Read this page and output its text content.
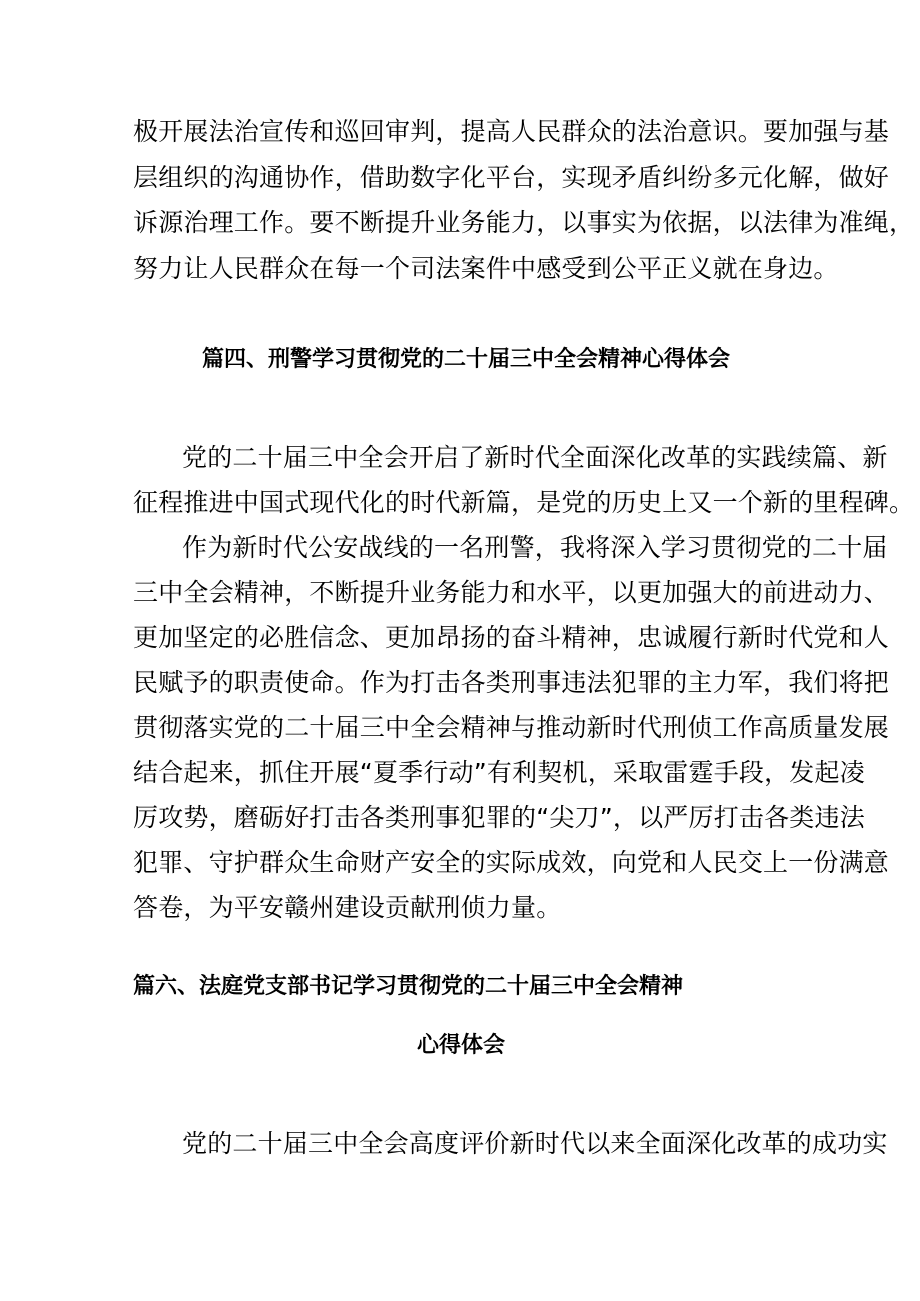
极开展法治宣传和巡回审判，提高人民群众的法治意识。要加强与基
层组织的沟通协作，借助数字化平台，实现矛盾纠纷多元化解，做好
诉源治理工作。要不断提升业务能力，以事实为依据，以法律为准绳，
努力让人民群众在每一个司法案件中感受到公平正义就在身边。
篇四、刑警学习贯彻党的二十届三中全会精神心得体会
党的二十届三中全会开启了新时代全面深化改革的实践续篇、新
征程推进中国式现代化的时代新篇，是党的历史上又一个新的里程碑。
作为新时代公安战线的一名刑警，我将深入学习贯彻党的二十届
三中全会精神，不断提升业务能力和水平，以更加强大的前进动力、
更加坚定的必胜信念、更加昂扬的奋斗精神，忠诚履行新时代党和人
民赋予的职责使命。作为打击各类刑事违法犯罪的主力军，我们将把
贯彻落实党的二十届三中全会精神与推动新时代刑侦工作高质量发展
结合起来，抓住开展“夏季行动”有利契机，采取雷霆手段，发起凌
厉攻势，磨砺好打击各类刑事犯罪的“尖刀”，以严厉打击各类违法
犯罪、守护群众生命财产安全的实际成效，向党和人民交上一份满意
答卷，为平安赣州建设贡献刑侦力量。
篇六、法庭党支部书记学习贯彻党的二十届三中全会精神
心得体会
党的二十届三中全会高度评价新时代以来全面深化改革的成功实
